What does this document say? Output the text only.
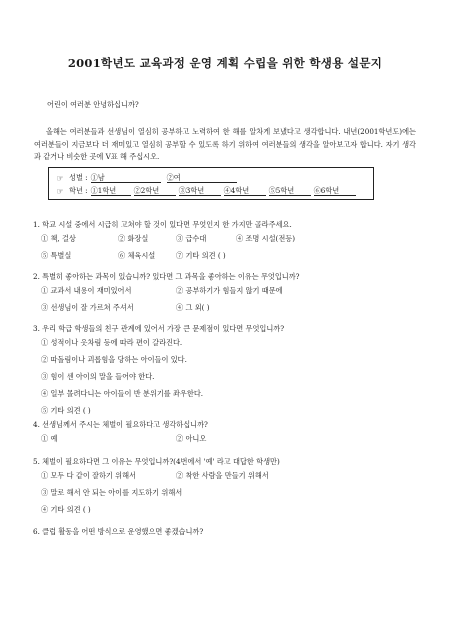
2001학년도 교육과정 운영 계획 수립을 위한 학생용 설문지
어린이 여러분 안녕하십니까?

올해는 여러분들과 선생님이 열심히 공부하고 노력하여 한 해를 알차게 보냈다고 생각합니다. 내년(2001학년도)에는 여러분들이 지금보다 더 재미있고 열심히 공부할 수 있도록 하기 위하여 여러분들의 생각을 알아보고자 합니다. 자기 생각과 같거나 비슷한 곳에 V표 해 주십시오.

☞ 성별 : ①남	②여
☞ 학년 : ①1학년	②2학년	③3학년	④4학년	⑤5학년	⑥6학년
1. 학교 시설 중에서 시급히 고쳐야 할 것이 있다면 무엇인지 한 가지만 골라주세요.
① 책, 걸상	② 화장실	③ 급수대	④ 조명 시설(전등)
⑤ 특별실	⑥ 체육시설	⑦ 기타 의견 ( )
2. 특별히 좋아하는 과목이 있습니까? 있다면 그 과목을 좋아하는 이유는 무엇입니까?
① 교과서 내용이 재미있어서	② 공부하기가 힘들지 않기 때문에
③ 선생님이 잘 가르쳐 주셔서	④ 그 외( )
3. 우리 학급 학생들의 친구 관계에 있어서 가장 큰 문제점이 있다면 무엇입니까?
① 성적이나 옷차림 등에 따라 편이 갈라진다.
② 따돌림이나 괴롭힘을 당하는 아이들이 있다.
③ 힘이 센 아이의 말을 들어야 한다.
④ 일부 몰려다니는 아이들이 반 분위기를 좌우한다.
⑤ 기타 의견 ( )
4. 선생님께서 주시는 체벌이 필요하다고 생각하십니까?
① 예	② 아니오
5. 체벌이 필요하다면 그 이유는 무엇입니까?(4번에서 '예' 라고 대답한 학생만)
① 모두 다 같이 잘하기 위해서	② 착한 사람을 만들기 위해서
③ 말로 해서 안 되는 아이를 지도하기 위해서
④ 기타 의견 ( )
6. 클럽 활동을 어떤 방식으로 운영했으면 좋겠습니까?
